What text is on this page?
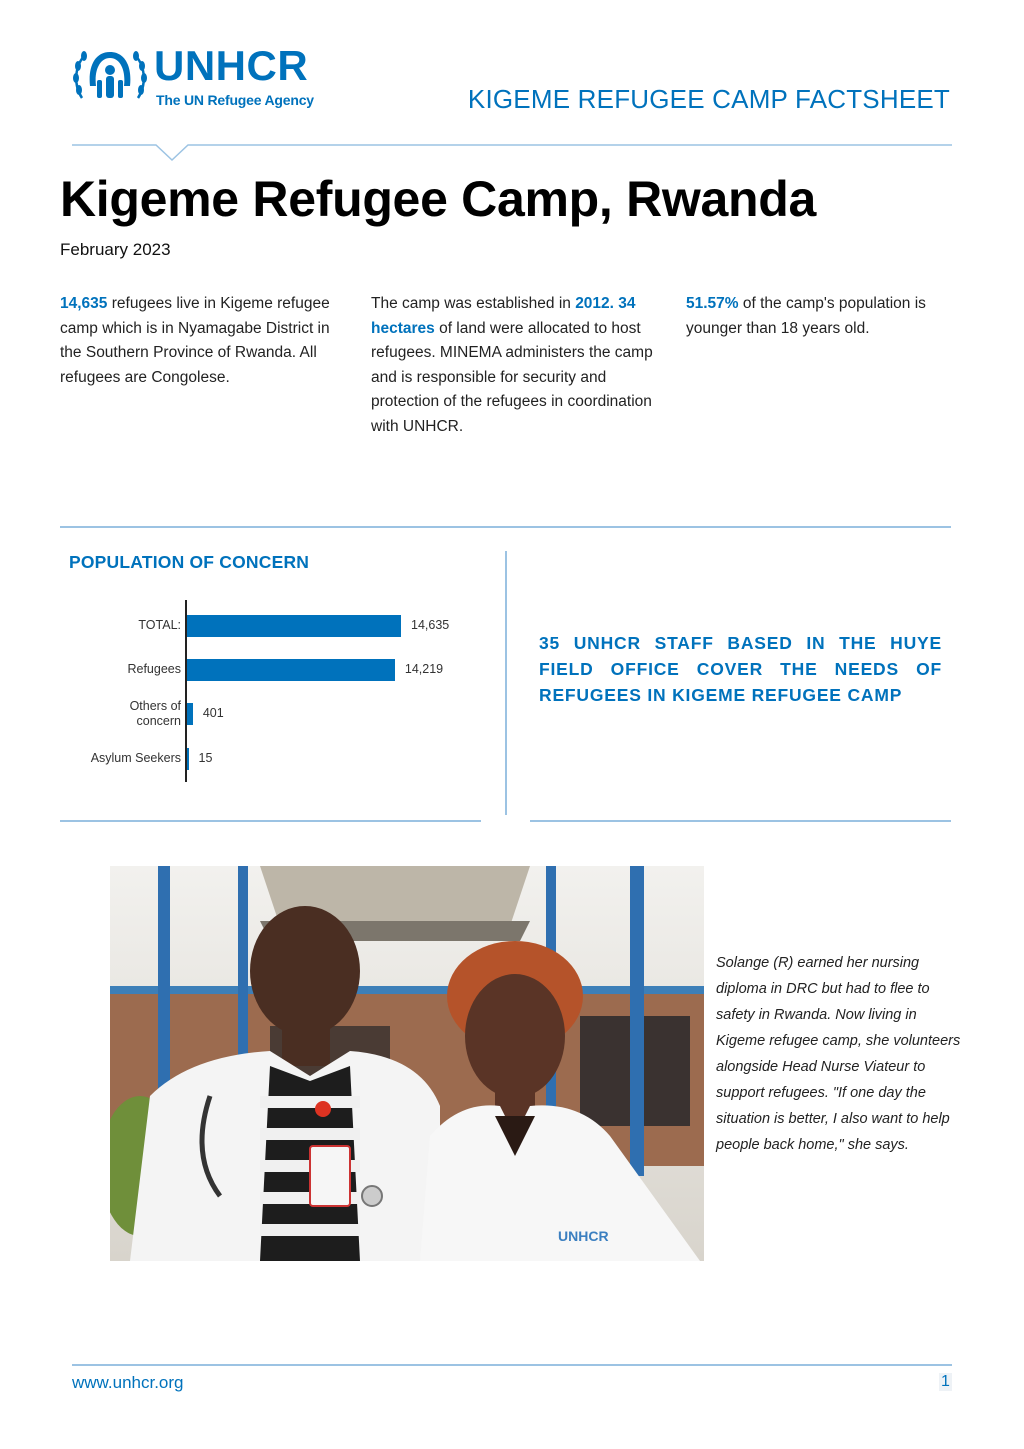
UNHCR
The UN Refugee Agency	KIGEME REFUGEE CAMP FACTSHEET
Kigeme Refugee Camp, Rwanda
February 2023
14,635 refugees live in Kigeme refugee camp which is in Nyamagabe District in the Southern Province of Rwanda. All refugees are Congolese.
The camp was established in 2012. 34 hectares of land were allocated to host refugees. MINEMA administers the camp and is responsible for security and protection of the refugees in coordination with UNHCR.
51.57% of the camp's population is younger than 18 years old.
POPULATION OF CONCERN
TOTAL:	14,635
Refugees	14,219
Others of
concern
401
Asylum Seekers 15
35 UNHCR STAFF BASED IN THE HUYE FIELD OFFICE COVER THE NEEDS OF REFUGEES IN KIGEME REFUGEE CAMP
UNHCR
Solange (R) earned her nursing diploma in DRC but had to flee to safety in Rwanda. Now living in Kigeme refugee camp, she volunteers alongside Head Nurse Viateur to support refugees. "If one day the situation is better, I also want to help people back home," she says.
www.unhcr.org	1
